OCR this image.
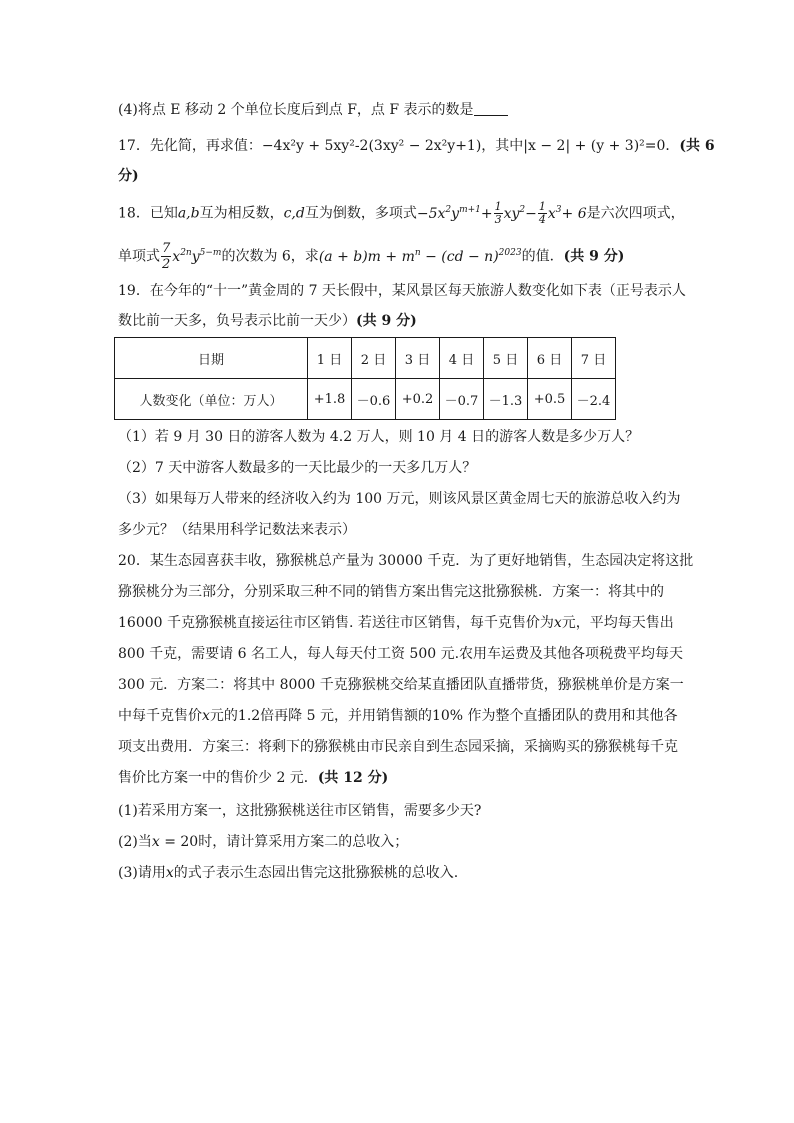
(4)将点 E 移动 2 个单位长度后到点 F，点 F 表示的数是
17．先化简，再求值：−4x²y + 5xy²-2(3xy² − 2x²y+1)，其中|x − 2| + (y + 3)²=0．(共 6
分)
18．已知a,b互为相反数，c,d互为倒数，多项式$-5x^2y^{m+1}+ \frac{1}{3} xy^2- \frac{1}{4} x^3+ 6$是六次四项式，
单项式 $\frac{7}{2} x^{2n}y^{5-m}$的次数为 6，求$(a + b)m + m^n - (cd - n)^{2023}$的值．(共 9 分)
19．在今年的“十一”黄金周的 7 天长假中，某风景区每天旅游人数变化如下表（正号表示人
数比前一天多，负号表示比前一天少）(共 9 分)
日期	1 日	2 日	3 日	4 日	5 日	6 日	7 日
人数变化（单位：万人）	+1.8	－0.6	+0.2	－0.7	－1.3	+0.5	－2.4
（1）若 9 月 30 日的游客人数为 4.2 万人，则 10 月 4 日的游客人数是多少万人？
（2）7 天中游客人数最多的一天比最少的一天多几万人？
（3）如果每万人带来的经济收入约为 100 万元，则该风景区黄金周七天的旅游总收入约为
多少元？（结果用科学记数法来表示）
20．某生态园喜获丰收，猕猴桃总产量为 30000 千克．为了更好地销售，生态园决定将这批
猕猴桃分为三部分，分别采取三种不同的销售方案出售完这批猕猴桃．方案一：将其中的
16000 千克猕猴桃直接运往市区销售. 若送往市区销售，每千克售价为x元，平均每天售出
800 千克，需要请 6 名工人，每人每天付工资 500 元.农用车运费及其他各项税费平均每天
300 元．方案二：将其中 8000 千克猕猴桃交给某直播团队直播带货，猕猴桃单价是方案一
中每千克售价x元的1.2倍再降 5 元，并用销售额的10% 作为整个直播团队的费用和其他各
项支出费用．方案三：将剩下的猕猴桃由市民亲自到生态园采摘，采摘购买的猕猴桃每千克
售价比方案一中的售价少 2 元．(共 12 分)
(1)若采用方案一，这批猕猴桃送往市区销售，需要多少天?
(2)当x = 20时，请计算采用方案二的总收入；
(3)请用x的式子表示生态园出售完这批猕猴桃的总收入.
